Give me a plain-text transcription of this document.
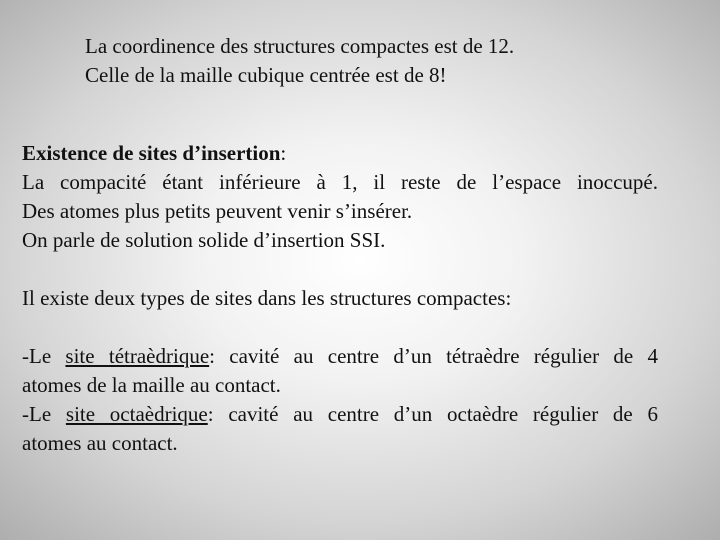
La coordinence des structures compactes est de 12.

Celle de la maille cubique centrée est de 8!

Existence de sites d’insertion:

La compacité étant inférieure à 1, il reste de l’espace inoccupé.

Des atomes plus petits peuvent venir s’insérer.

On parle de solution solide d’insertion SSI.

Il existe deux types de sites dans les structures compactes:

-Le site tétraèdrique: cavité au centre d’un tétraèdre régulier de 4

atomes de la maille au contact.

-Le site octaèdrique: cavité au centre d’un octaèdre régulier de 6

atomes au contact.
